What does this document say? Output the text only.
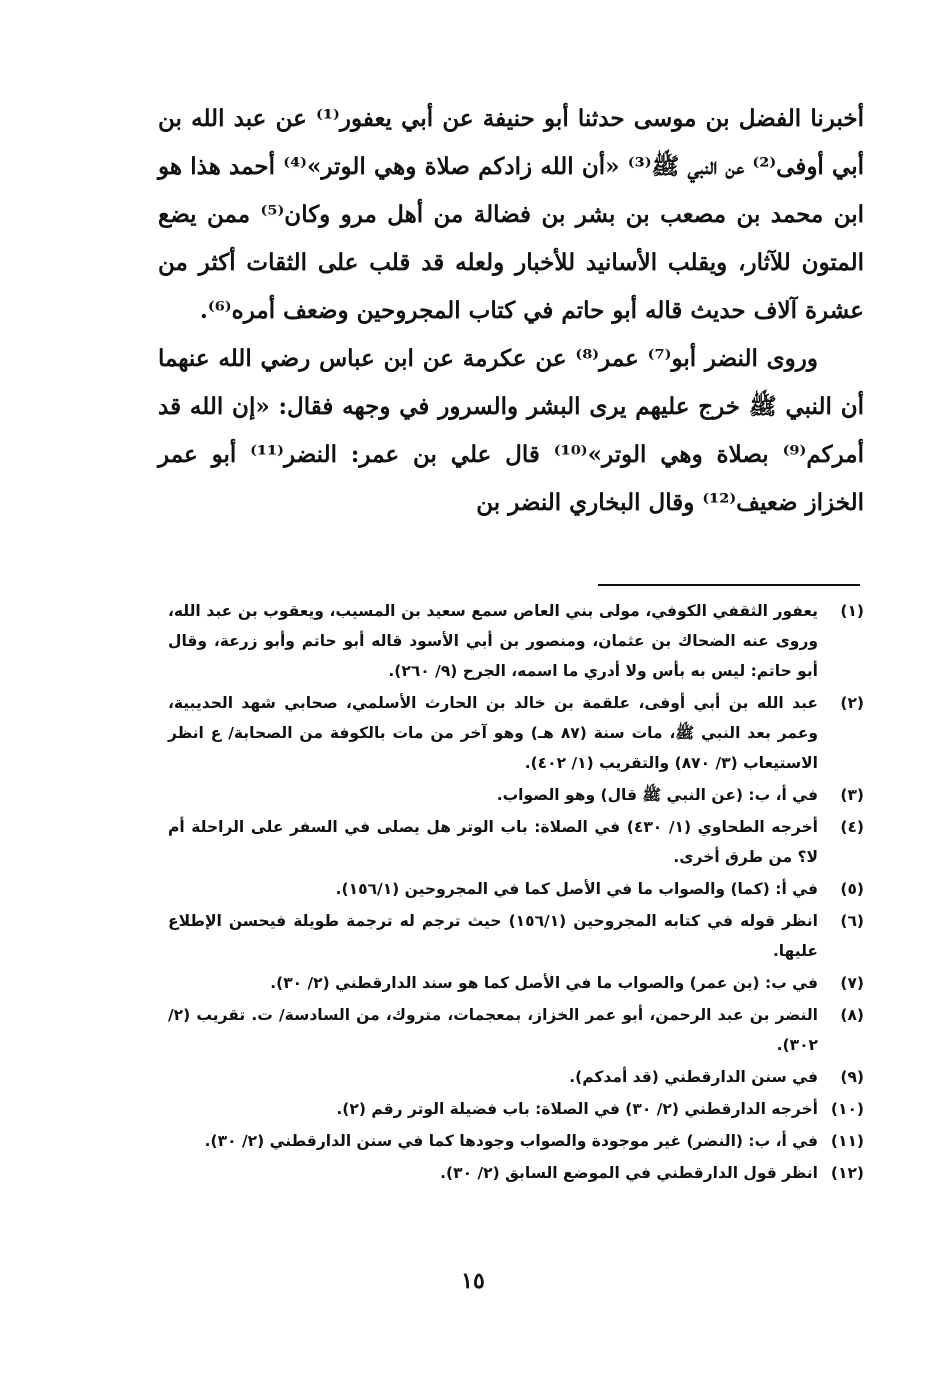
أخبرنا الفضل بن موسى حدثنا أبو حنيفة عن أبي يعفور⁽¹⁾ عن عبد الله بن أبي أوفى⁽²⁾ عن النبي ﷺ⁽³⁾ «أن الله زادكم صلاة وهي الوتر»⁽⁴⁾ أحمد هذا هو ابن محمد بن مصعب بن بشر بن فضالة من أهل مرو وكان⁽⁵⁾ ممن يضع المتون للآثار، ويقلب الأسانيد للأخبار ولعله قد قلب على الثقات أكثر من عشرة آلاف حديث قاله أبو حاتم في كتاب المجروحين وضعف أمره⁽⁶⁾.

وروى النضر أبو⁽⁷⁾ عمر⁽⁸⁾ عن عكرمة عن ابن عباس رضي الله عنهما أن النبي ﷺ خرج عليهم يرى البشر والسرور في وجهه فقال: «إن الله قد أمركم⁽⁹⁾ بصلاة وهي الوتر»⁽¹⁰⁾ قال علي بن عمر: النضر⁽¹¹⁾ أبو عمر الخزاز ضعيف⁽¹²⁾ وقال البخاري النضر بن

(١)
يعفور الثقفي الكوفي، مولى بني العاص سمع سعيد بن المسيب، ويعقوب بن عبد الله، وروى عنه الضحاك بن عثمان، ومنصور بن أبي الأسود قاله أبو حاتم وأبو زرعة، وقال أبو حاتم: ليس به بأس ولا أدري ما اسمه، الجرح (٩/ ٢٦٠).
(٢)
عبد الله بن أبي أوفى، علقمة بن خالد بن الحارث الأسلمي، صحابي شهد الحديبية، وعمر بعد النبي ﷺ، مات سنة (٨٧ هـ) وهو آخر من مات بالكوفة من الصحابة/ ع انظر الاستيعاب (٣/ ٨٧٠) والتقريب (١/ ٤٠٢).
(٣)
في أ، ب: (عن النبي ﷺ قال) وهو الصواب.
(٤)
أخرجه الطحاوي (١/ ٤٣٠) في الصلاة: باب الوتر هل يصلى في السفر على الراحلة أم لا؟ من طرق أخرى.
(٥)
في أ: (كما) والصواب ما في الأصل كما في المجروحين (١٥٦/١).
(٦)
انظر قوله في كتابه المجروحين (١٥٦/١) حيث ترجم له ترجمة طويلة فيحسن الإطلاع عليها.
(٧)
في ب: (بن عمر) والصواب ما في الأصل كما هو سند الدارقطني (٢/ ٣٠).
(٨)
النضر بن عبد الرحمن، أبو عمر الخزاز، بمعجمات، متروك، من السادسة/ ت. تقريب (٢/ ٣٠٢).
(٩)
في سنن الدارقطني (قد أمدكم).
(١٠)
أخرجه الدارقطني (٢/ ٣٠) في الصلاة: باب فضيلة الوتر رقم (٢).
(١١)
في أ، ب: (النضر) غير موجودة والصواب وجودها كما في سنن الدارقطني (٢/ ٣٠).
(١٢)
انظر قول الدارقطني في الموضع السابق (٢/ ٣٠).
١٥
